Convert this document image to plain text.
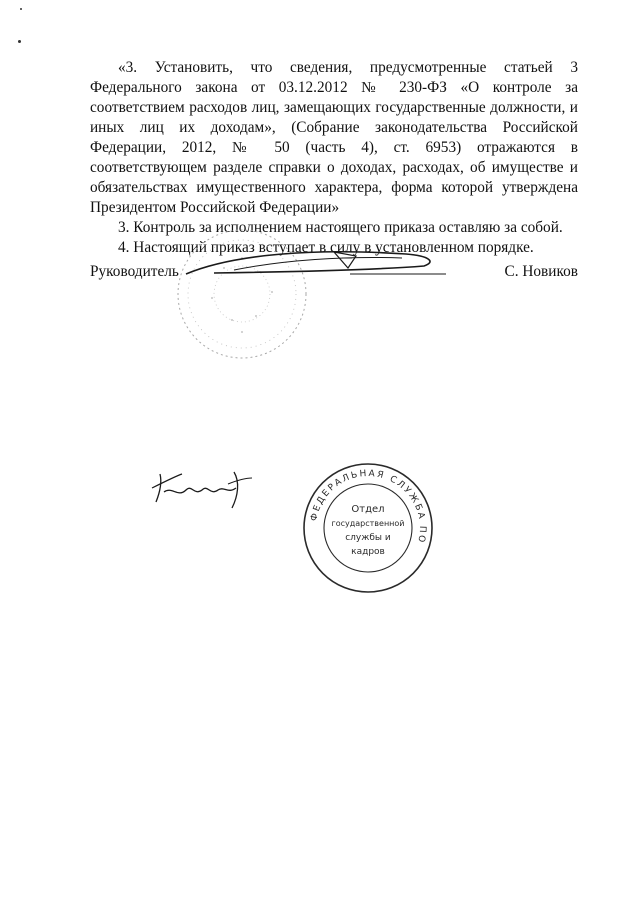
«3. Установить, что сведения, предусмотренные статьей 3 Федерального закона от 03.12.2012 № 230-ФЗ «О контроле за соответствием расходов лиц, замещающих государственные должности, и иных лиц их доходам», (Собрание законодательства Российской Федерации, 2012, № 50 (часть 4), ст. 6953) отражаются в соответствующем разделе справки о доходах, расходах, об имуществе и обязательствах имущественного характера, форма которой утверждена Президентом Российской Федерации»

3. Контроль за исполнением настоящего приказа оставляю за собой.

4. Настоящий приказ вступает в силу в установленном порядке.

Руководитель	С. Новиков
ФЕДЕРАЛЬНАЯ СЛУЖБА ПО
Отдел
государственной
службы и
кадров
